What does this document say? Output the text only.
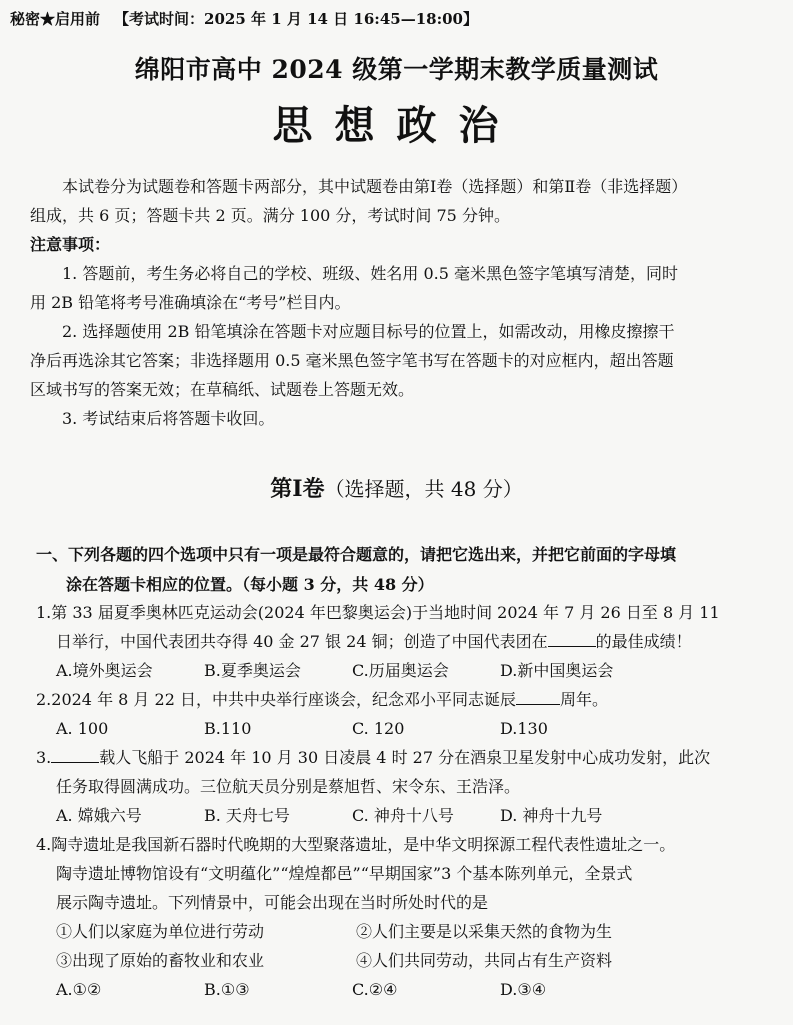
秘密★启用前 【考试时间：2025 年 1 月 14 日 16:45—18:00】
绵阳市高中 2024 级第一学期末教学质量测试
思想政治

本试卷分为试题卷和答题卡两部分，其中试题卷由第Ⅰ卷（选择题）和第Ⅱ卷（非选择题）

组成，共 6 页；答题卡共 2 页。满分 100 分，考试时间 75 分钟。

注意事项：

1. 答题前，考生务必将自己的学校、班级、姓名用 0.5 毫米黑色签字笔填写清楚，同时

用 2B 铅笔将考号准确填涂在“考号”栏目内。

2. 选择题使用 2B 铅笔填涂在答题卡对应题目标号的位置上，如需改动，用橡皮擦擦干

净后再选涂其它答案；非选择题用 0.5 毫米黑色签字笔书写在答题卡的对应框内，超出答题

区域书写的答案无效；在草稿纸、试题卷上答题无效。

3. 考试结束后将答题卡收回。

第Ⅰ卷（选择题，共 48 分）

一、下列各题的四个选项中只有一项是最符合题意的，请把它选出来，并把它前面的字母填

涂在答题卡相应的位置。（每小题 3 分，共 48 分）

1.第 33 届夏季奥林匹克运动会(2024 年巴黎奥运会)于当地时间 2024 年 7 月 26 日至 8 月 11

日举行，中国代表团共夺得 40 金 27 银 24 铜；创造了中国代表团在	的最佳成绩！

A.境外奥运会	B.夏季奥运会	C.历届奥运会	D.新中国奥运会

2.2024 年 8 月 22 日，中共中央举行座谈会，纪念邓小平同志诞辰	周年。

A. 100	B.110	C. 120	D.130

3.	载人飞船于 2024 年 10 月 30 日凌晨 4 时 27 分在酒泉卫星发射中心成功发射，此次

任务取得圆满成功。三位航天员分别是蔡旭哲、宋令东、王浩泽。

A. 嫦娥六号	B. 天舟七号	C. 神舟十八号	D. 神舟十九号

4.陶寺遗址是我国新石器时代晚期的大型聚落遗址，是中华文明探源工程代表性遗址之一。

陶寺遗址博物馆设有“文明蕴化”“煌煌都邑”“早期国家”3 个基本陈列单元，全景式

展示陶寺遗址。下列情景中，可能会出现在当时所处时代的是

①人们以家庭为单位进行劳动	②人们主要是以采集天然的食物为生
③出现了原始的畜牧业和农业	④人们共同劳动，共同占有生产资料
A.①②	B.①③	C.②④	D.③④
